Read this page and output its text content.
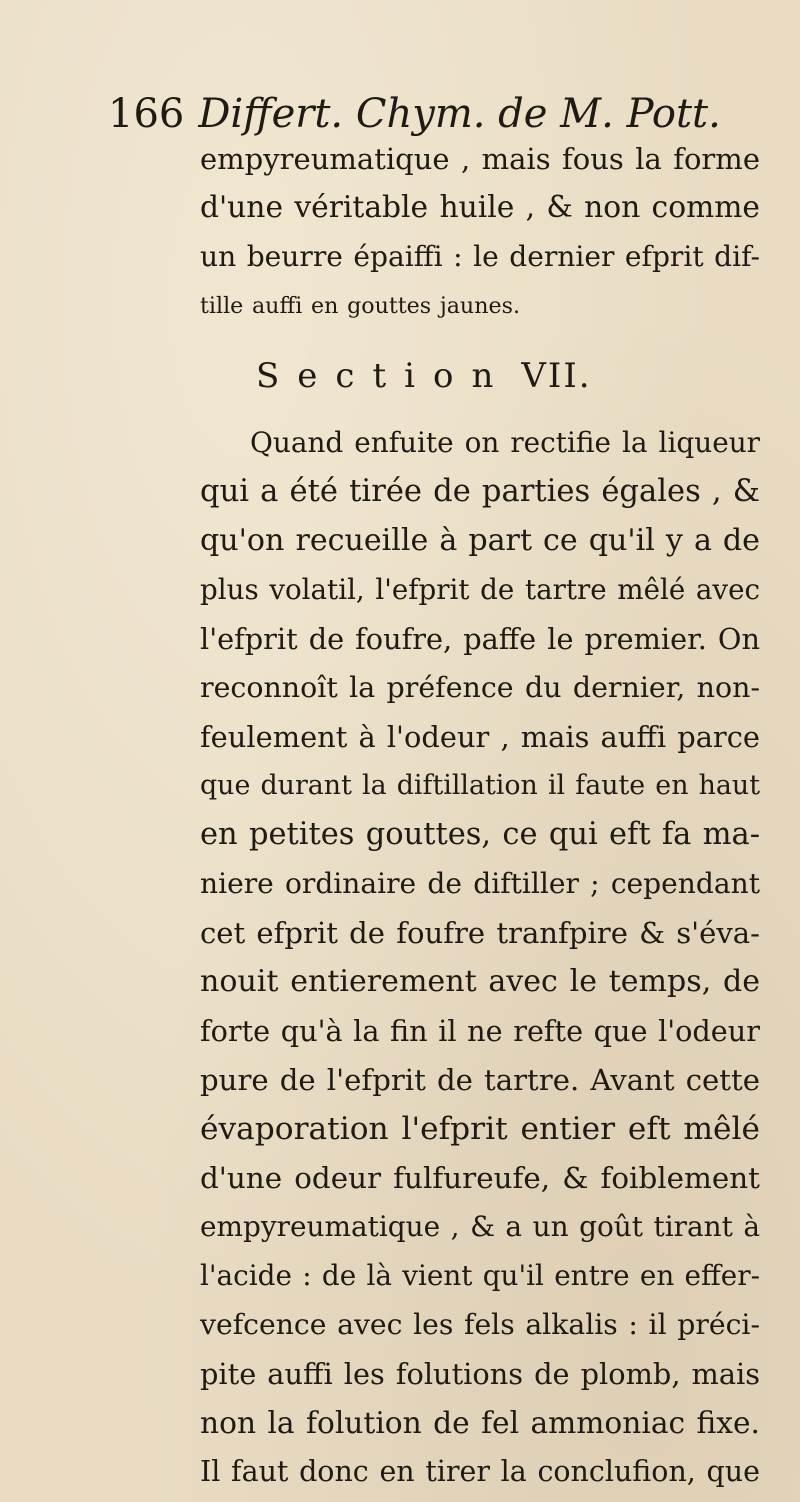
166 Differt. Chym. de M. Pott.
empyreumatique , mais fous la forme
d'une véritable huile , & non comme
un beurre épaiffi : le dernier efprit dif-
tille auffi en gouttes jaunes.
Section VII.
Quand enfuite on rectifie la liqueur
qui a été tirée de parties égales , &
qu'on recueille à part ce qu'il y a de
plus volatil, l'efprit de tartre mêlé avec
l'efprit de foufre, paffe le premier. On
reconnoît la préfence du dernier, non-
feulement à l'odeur , mais auffi parce
que durant la diftillation il faute en haut
en petites gouttes, ce qui eft fa ma-
niere ordinaire de diftiller ; cependant
cet efprit de foufre tranfpire & s'éva-
nouit entierement avec le temps, de
forte qu'à la fin il ne refte que l'odeur
pure de l'efprit de tartre. Avant cette
évaporation l'efprit entier eft mêlé
d'une odeur fulfureufe, & foiblement
empyreumatique , & a un goût tirant à
l'acide : de là vient qu'il entre en effer-
vefcence avec les fels alkalis : il préci-
pite auffi les folutions de plomb, mais
non la folution de fel ammoniac fixe.
Il faut donc en tirer la conclufion, que
